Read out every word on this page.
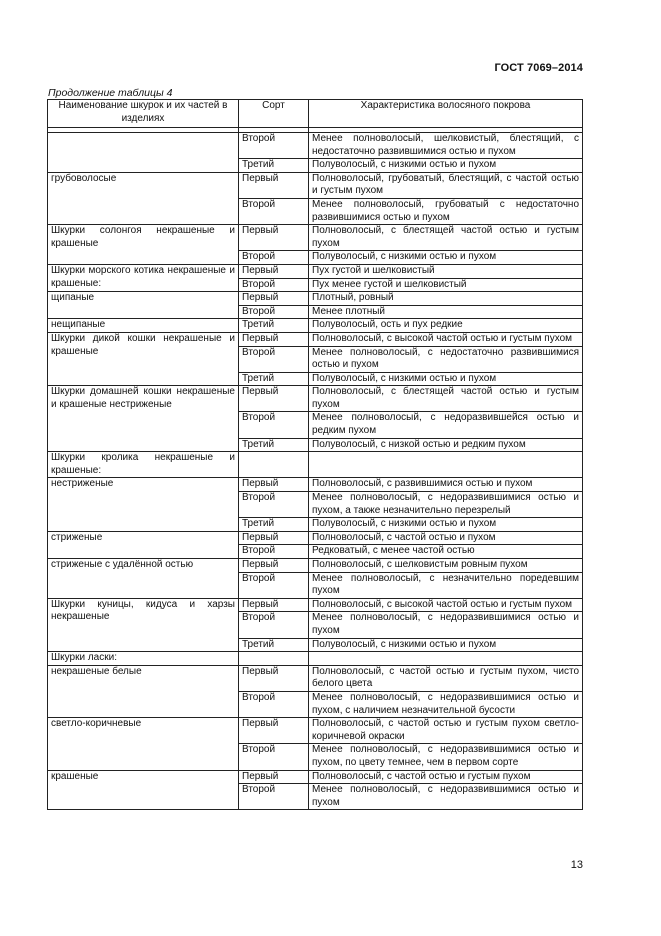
ГОСТ 7069–2014
Продолжение таблицы 4
Наименование шкурок и их частей в изделиях	Сорт	Характеристика волосяного покрова

	Второй	Менее полноволосый, шелковистый, блестящий, с недостаточно развившимися остью и пухом
	Третий	Полуволосый, с низкими остью и пухом
грубоволосые	Первый	Полноволосый, грубоватый, блестящий, с частой остью и густым пухом
	Второй	Менее полноволосый, грубоватый с недостаточно развившимися остью и пухом
Шкурки солонгоя некрашеные и крашеные	Первый	Полноволосый, с блестящей частой остью и густым пухом
	Второй	Полуволосый, с низкими остью и пухом
Шкурки морского котика некрашеные и крашеные:	Первый	Пух густой и шелковистый
	Второй	Пух менее густой и шелковистый
щипаные	Первый	Плотный, ровный
	Второй	Менее плотный
нещипаные	Третий	Полуволосый, ость и пух редкие
Шкурки дикой кошки некрашеные и крашеные	Первый	Полноволосый, с высокой частой остью и густым пухом
	Второй	Менее полноволосый, с недостаточно развившимися остью и пухом
	Третий	Полуволосый, с низкими остью и пухом
Шкурки домашней кошки некрашеные и крашеные нестриженые	Первый	Полноволосый, с блестящей частой остью и густым пухом
	Второй	Менее полноволосый, с недоразвившейся остью и редким пухом
	Третий	Полуволосый, с низкой остью и редким пухом
Шкурки кролика некрашеные и крашеные:		
нестриженые	Первый	Полноволосый, с развившимися остью и пухом
	Второй	Менее полноволосый, с недоразвившимися остью и пухом, а также незначительно перезрелый
	Третий	Полуволосый, с низкими остью и пухом
стриженые	Первый	Полноволосый, с частой остью и пухом
	Второй	Редковатый, с менее частой остью
стриженые с удалённой остью	Первый	Полноволосый, с шелковистым ровным пухом
	Второй	Менее полноволосый, с незначительно поредевшим пухом
Шкурки куницы, кидуса и харзы некрашеные	Первый	Полноволосый, с высокой частой остью и густым пухом
	Второй	Менее полноволосый, с недоразвившимися остью и пухом
	Третий	Полуволосый, с низкими остью и пухом
Шкурки ласки:		
некрашеные белые	Первый	Полноволосый, с частой остью и густым пухом, чисто белого цвета
	Второй	Менее полноволосый, с недоразвившимися остью и пухом, с наличием незначительной бусости
светло-коричневые	Первый	Полноволосый, с частой остью и густым пухом светло-коричневой окраски
	Второй	Менее полноволосый, с недоразвившимися остью и пухом, по цвету темнее, чем в первом сорте
крашеные	Первый	Полноволосый, с частой остью и густым пухом
	Второй	Менее полноволосый, с недоразвившимися остью и пухом
13
